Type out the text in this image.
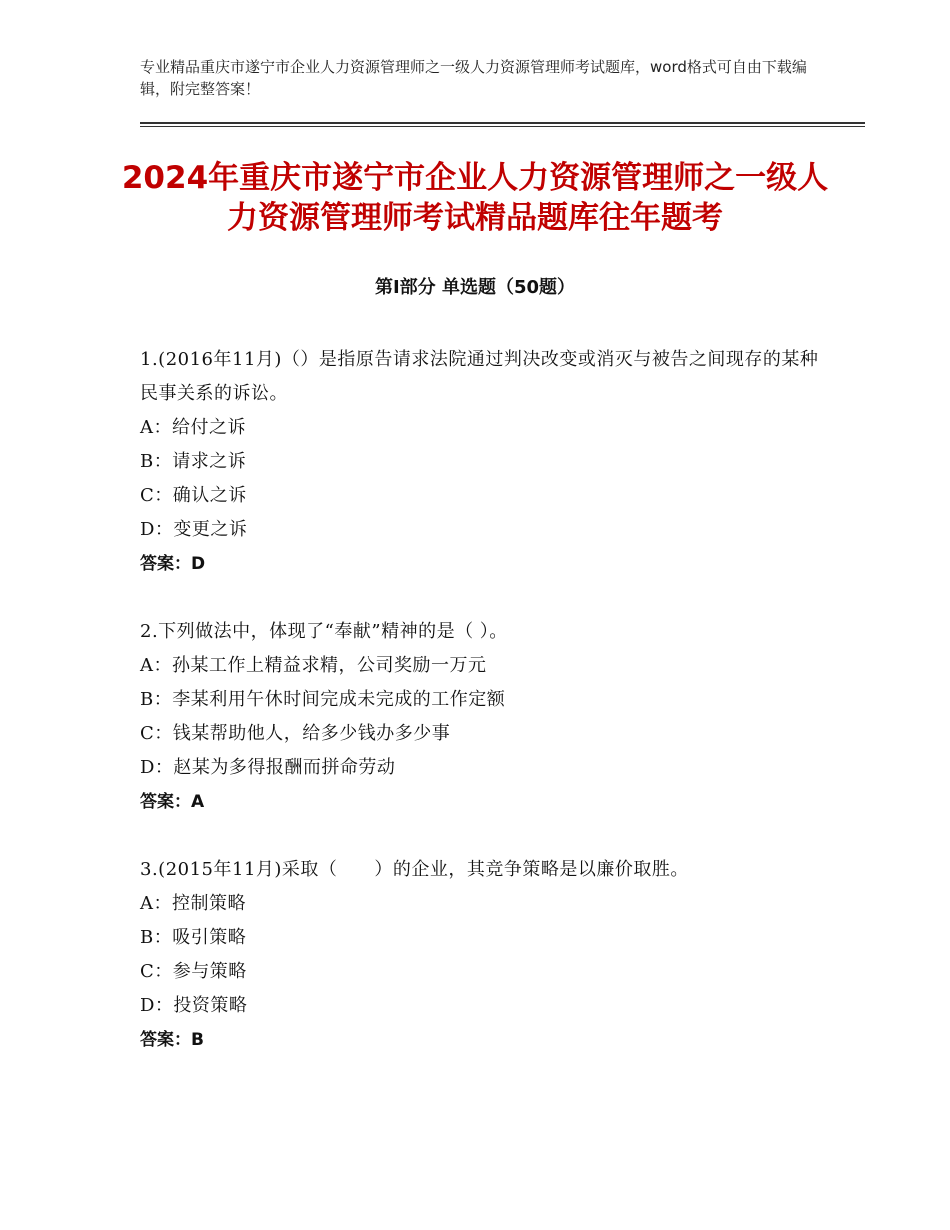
专业精品重庆市遂宁市企业人力资源管理师之一级人力资源管理师考试题库，word格式可自由下载编辑，附完整答案！
2024年重庆市遂宁市企业人力资源管理师之一级人力资源管理师考试精品题库往年题考
第Ⅰ部分 单选题（50题）
1.(2016年11月)（）是指原告请求法院通过判决改变或消灭与被告之间现存的某种民事关系的诉讼。
A：给付之诉
B：请求之诉
C：确认之诉
D：变更之诉
答案：D
2.下列做法中，体现了“奉献”精神的是（ ）。
A：孙某工作上精益求精，公司奖励一万元
B：李某利用午休时间完成未完成的工作定额
C：钱某帮助他人，给多少钱办多少事
D：赵某为多得报酬而拼命劳动
答案：A
3.(2015年11月)采取（　　）的企业，其竞争策略是以廉价取胜。
A：控制策略
B：吸引策略
C：参与策略
D：投资策略
答案：B
